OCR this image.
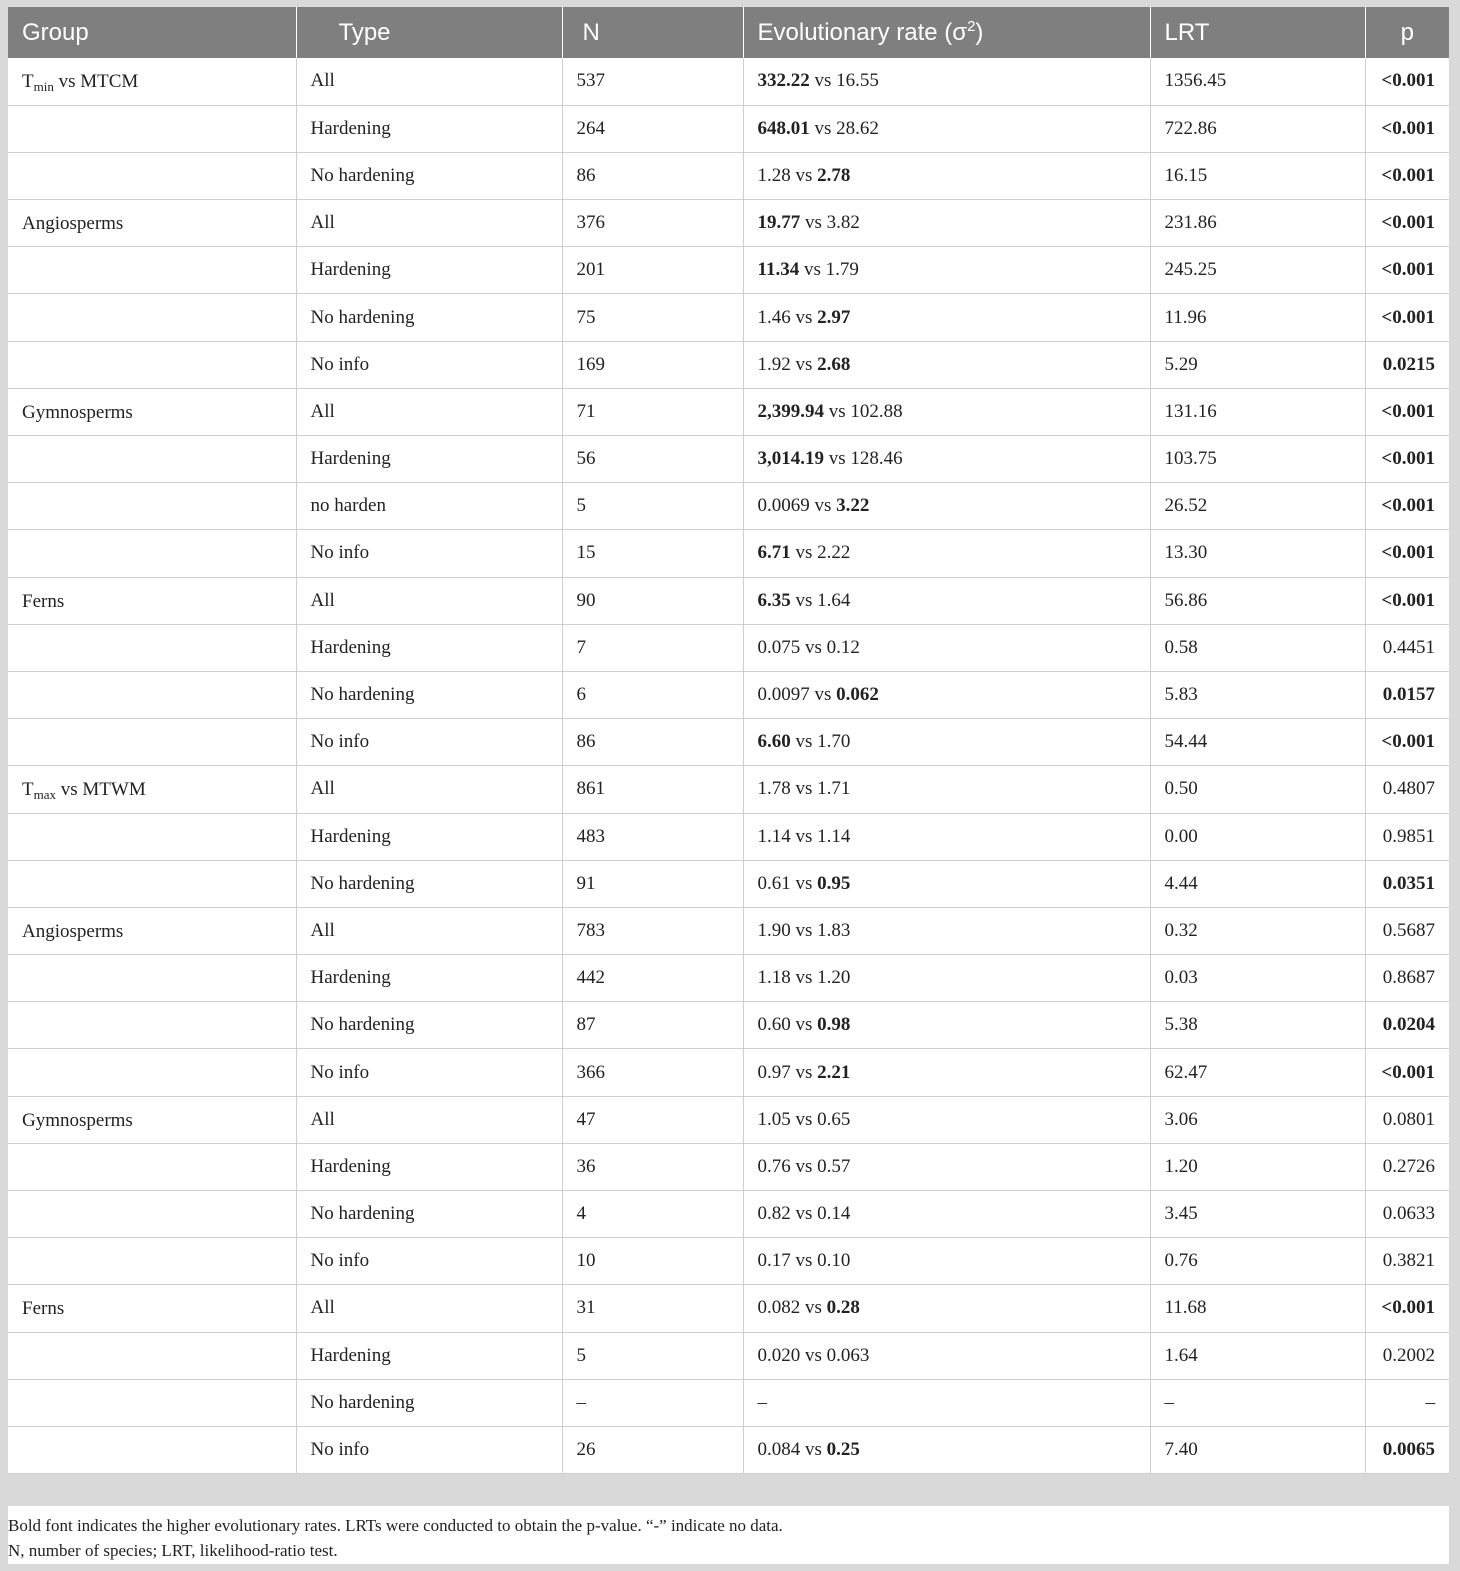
Group	Type	N	Evolutionary rate $(\sigma^2)$	LRT	p
$T_{min}$ vs MTCM	All	537	332.22 vs 16.55	1356.45	<0.001
	Hardening	264	648.01 vs 28.62	722.86	<0.001
	No hardening	86	1.28 vs 2.78	16.15	<0.001
Angiosperms	All	376	19.77 vs 3.82	231.86	<0.001
	Hardening	201	11.34 vs 1.79	245.25	<0.001
	No hardening	75	1.46 vs 2.97	11.96	<0.001
	No info	169	1.92 vs 2.68	5.29	0.0215
Gymnosperms	All	71	2,399.94 vs 102.88	131.16	<0.001
	Hardening	56	3,014.19 vs 128.46	103.75	<0.001
	no harden	5	0.0069 vs 3.22	26.52	<0.001
	No info	15	6.71 vs 2.22	13.30	<0.001
Ferns	All	90	6.35 vs 1.64	56.86	<0.001
	Hardening	7	0.075 vs 0.12	0.58	0.4451
	No hardening	6	0.0097 vs 0.062	5.83	0.0157
	No info	86	6.60 vs 1.70	54.44	<0.001
$T_{max}$ vs MTWM	All	861	1.78 vs 1.71	0.50	0.4807
	Hardening	483	1.14 vs 1.14	0.00	0.9851
	No hardening	91	0.61 vs 0.95	4.44	0.0351
Angiosperms	All	783	1.90 vs 1.83	0.32	0.5687
	Hardening	442	1.18 vs 1.20	0.03	0.8687
	No hardening	87	0.60 vs 0.98	5.38	0.0204
	No info	366	0.97 vs 2.21	62.47	<0.001
Gymnosperms	All	47	1.05 vs 0.65	3.06	0.0801
	Hardening	36	0.76 vs 0.57	1.20	0.2726
	No hardening	4	0.82 vs 0.14	3.45	0.0633
	No info	10	0.17 vs 0.10	0.76	0.3821
Ferns	All	31	0.082 vs 0.28	11.68	<0.001
	Hardening	5	0.020 vs 0.063	1.64	0.2002
	No hardening	–	–	–	–
	No info	26	0.084 vs 0.25	7.40	0.0065
Bold font indicates the higher evolutionary rates. LRTs were conducted to obtain the p-value. “-” indicate no data.
N, number of species; LRT, likelihood-ratio test.
